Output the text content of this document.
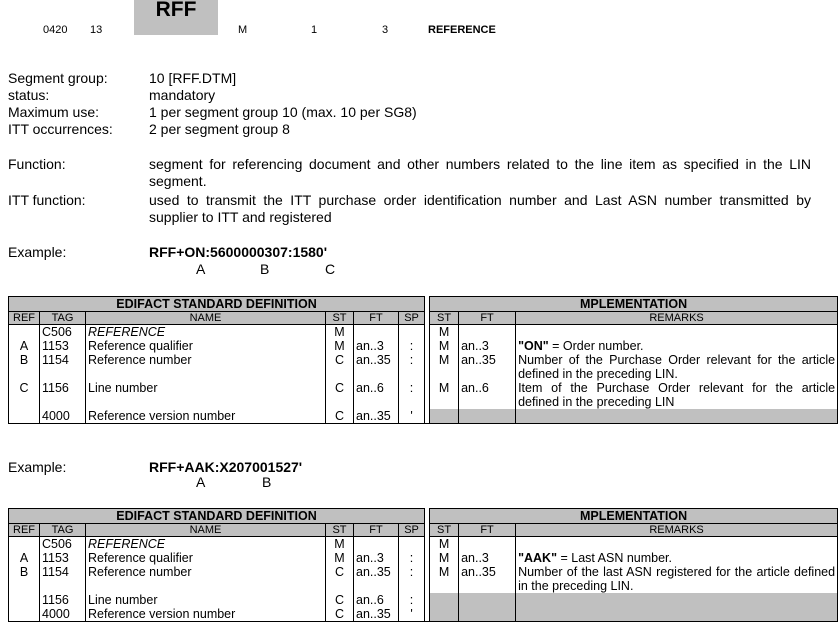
RFF
0420 13	M	1	3	REFERENCE
Segment group:	10 [RFF.DTM]
status:	mandatory
Maximum use:	1 per segment group 10 (max. 10 per SG8)
ITT occurrences:	2 per segment group 8
Function:	segment for referencing document and other numbers related to the line item as specified in the LIN segment.
ITT function:	used to transmit the ITT purchase order identification number and Last ASN number transmitted by supplier to ITT and registered
Example:	RFF+ON:5600000307:1580'
A	B	C
EDIFACT STANDARD DEFINITION							MPLEMENTATION		
REF	TAG	NAME	ST	FT	SP		ST	FT	REMARKS
	C506	REFERENCE	M				M		
A	1153	Reference qualifier	M	an..3	:		M	an..3	"ON" = Order number.
B	1154	Reference number	C	an..35	:		M	an..35	Number of the Purchase Order relevant for the article defined in the preceding LIN.
C	1156	Line number	C	an..6	:		M	an..6	Item of the Purchase Order relevant for the article defined in the preceding LIN
	4000	Reference version number	C	an..35	'				
Example:	RFF+AAK:X207001527'
A	B
EDIFACT STANDARD DEFINITION							MPLEMENTATION		
REF	TAG	NAME	ST	FT	SP		ST	FT	REMARKS
	C506	REFERENCE	M				M		
A	1153	Reference qualifier	M	an..3	:		M	an..3	"AAK" = Last ASN number.
B	1154	Reference number	C	an..35	:		M	an..35	Number of the last ASN registered for the article defined in the preceding LIN.
	1156	Line number	C	an..6	:				
	4000	Reference version number	C	an..35	'				
